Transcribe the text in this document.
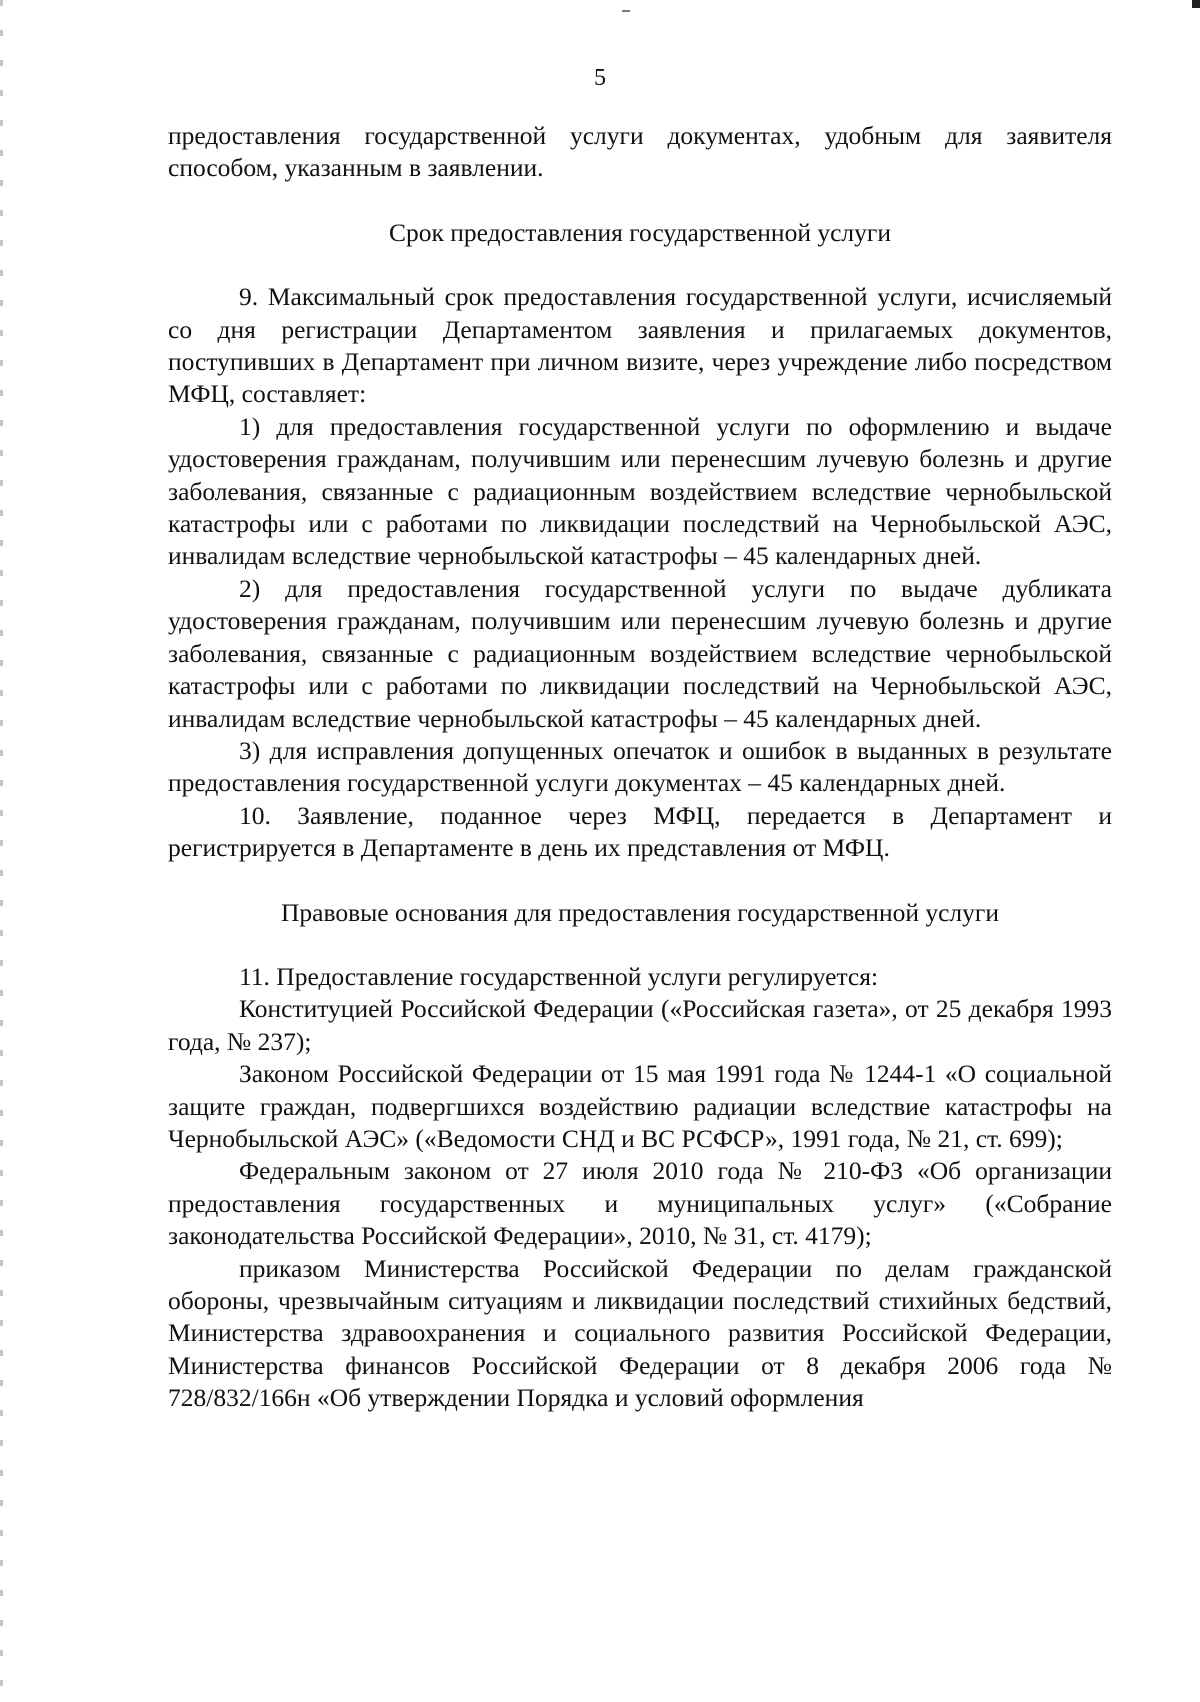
5

предоставления государственной услуги документах, удобным для заявителя способом, указанным в заявлении.

Срок предоставления государственной услуги

9. Максимальный срок предоставления государственной услуги, исчисляемый со дня регистрации Департаментом заявления и прилагаемых документов, поступивших в Департамент при личном визите, через учреждение либо посредством МФЦ, составляет:

1) для предоставления государственной услуги по оформлению и выдаче удостоверения гражданам, получившим или перенесшим лучевую болезнь и другие заболевания, связанные с радиационным воздействием вследствие чернобыльской катастрофы или с работами по ликвидации последствий на Чернобыльской АЭС, инвалидам вследствие чернобыльской катастрофы – 45 календарных дней.

2) для предоставления государственной услуги по выдаче дубликата удостоверения гражданам, получившим или перенесшим лучевую болезнь и другие заболевания, связанные с радиационным воздействием вследствие чернобыльской катастрофы или с работами по ликвидации последствий на Чернобыльской АЭС, инвалидам вследствие чернобыльской катастрофы – 45 календарных дней.

3) для исправления допущенных опечаток и ошибок в выданных в результате предоставления государственной услуги документах – 45 календарных дней.

10. Заявление, поданное через МФЦ, передается в Департамент и регистрируется в Департаменте в день их представления от МФЦ.

Правовые основания для предоставления государственной услуги

11. Предоставление государственной услуги регулируется:

Конституцией Российской Федерации («Российская газета», от 25 декабря 1993 года, № 237);

Законом Российской Федерации от 15 мая 1991 года № 1244-1 «О социальной защите граждан, подвергшихся воздействию радиации вследствие катастрофы на Чернобыльской АЭС» («Ведомости СНД и ВС РСФСР», 1991 года, № 21, ст. 699);

Федеральным законом от 27 июля 2010 года № 210-ФЗ «Об организации предоставления государственных и муниципальных услуг» («Собрание законодательства Российской Федерации», 2010, № 31, ст. 4179);

приказом Министерства Российской Федерации по делам гражданской обороны, чрезвычайным ситуациям и ликвидации последствий стихийных бедствий, Министерства здравоохранения и социального развития Российской Федерации, Министерства финансов Российской Федерации от 8 декабря 2006 года № 728/832/166н «Об утверждении Порядка и условий оформления
